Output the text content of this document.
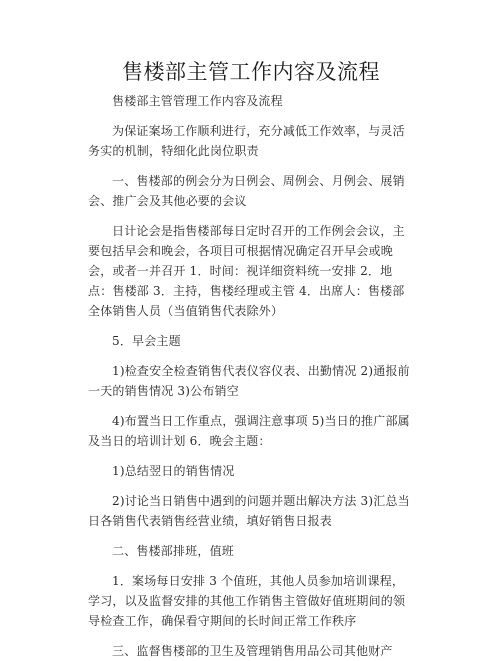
售楼部主管工作内容及流程

售楼部主管管理工作内容及流程

为保证案场工作顺利进行，充分减低工作效率，与灵活务实的机制，特细化此岗位职责

一、售楼部的例会分为日例会、周例会、月例会、展销会、推广会及其他必要的会议

日计论会是指售楼部每日定时召开的工作例会会议，主要包括早会和晚会，各项目可根据情况确定召开早会或晚会，或者一并召开 1．时间：视详细资料统一安排 2．地点：售楼部 3．主持，售楼经理或主管 4．出席人：售楼部全体销售人员（当值销售代表除外）

5．早会主题

1)检查安全检查销售代表仪容仪表、出勤情况 2)通报前一天的销售情况 3)公布销空

4)布置当日工作重点，强调注意事项 5)当日的推广部属及当日的培训计划 6．晚会主题：

1)总结翌日的销售情况

2)讨论当日销售中遇到的问题并题出解决方法 3)汇总当日各销售代表销售经营业绩，填好销售日报表

二、售楼部排班，值班

1．案场每日安排 3 个值班，其他人员参加培训课程，学习，以及监督安排的其他工作销售主管做好值班期间的领导检查工作，确保看守期间的长时间正常工作秩序

三、监督售楼部的卫生及管理销售用品公司其他财产
